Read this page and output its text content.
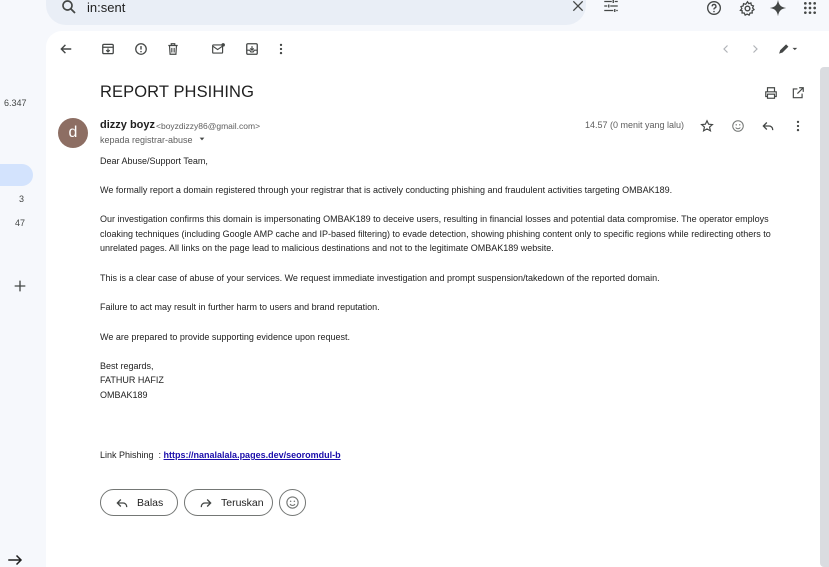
in:sent
6.347
3
47
REPORT PHSIHING
d	dizzy boyz <boyzdizzy86@gmail.com>
kepada registrar-abuse
14.57 (0 menit yang lalu)
Dear Abuse/Support Team,
We formally report a domain registered through your registrar that is actively conducting phishing and fraudulent activities targeting OMBAK189.
Our investigation confirms this domain is impersonating OMBAK189 to deceive users, resulting in financial losses and potential data compromise. The operator employs cloaking techniques (including Google AMP cache and IP-based filtering) to evade detection, showing phishing content only to specific regions while redirecting others to unrelated pages. All links on the page lead to malicious destinations and not to the legitimate OMBAK189 website.
This is a clear case of abuse of your services. We request immediate investigation and prompt suspension/takedown of the reported domain.
Failure to act may result in further harm to users and brand reputation.
We are prepared to provide supporting evidence upon request.
Best regards,
FATHUR HAFIZ
OMBAK189
Link Phishing  : https://nanalalala.pages.dev/seoromdul-b
Balas	Teruskan
